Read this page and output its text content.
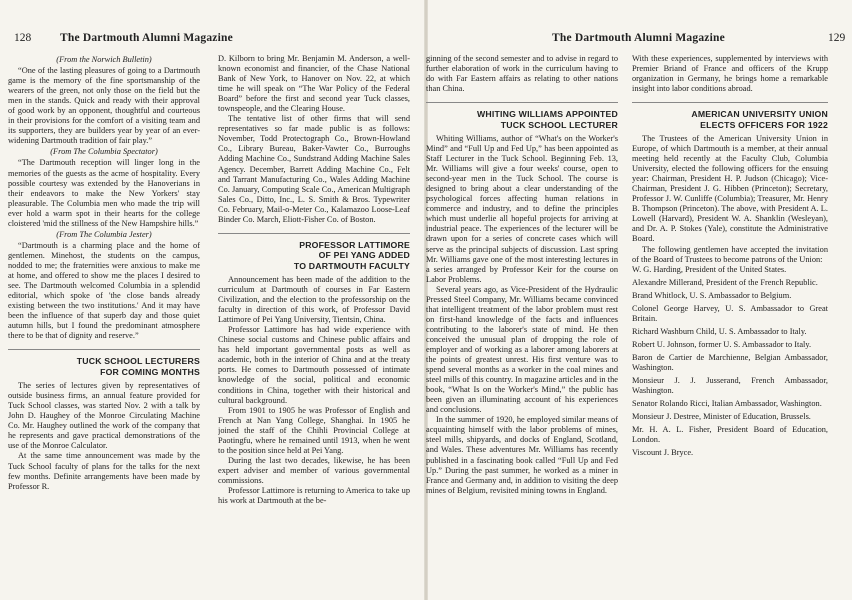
128	The Dartmouth Alumni Magazine

(From the Norwich Bulletin)

“One of the lasting pleasures of going to a Dartmouth game is the memory of the fine sportsmanship of the wearers of the green, not only those on the field but the men in the stands. Quick and ready with their approval of good work by an opponent, thoughtful and courteous in their provisions for the comfort of a visiting team and its supporters, they are builders year by year of an ever-widening Dartmouth tradition of fair play.”

(From The Columbia Spectator)

“The Dartmouth reception will linger long in the memories of the guests as the acme of hospitality. Every possible courtesy was extended by the Hanoverians in their endeavors to make the New Yorkers' stay pleasurable. The Columbia men who made the trip will ever hold a warm spot in their hearts for the college cloistered 'mid the stillness of the New Hampshire hills.”

(From The Columbia Jester)

“Dartmouth is a charming place and the home of gentlemen. Minehost, the students on the campus, nodded to me; the fraternities were anxious to make me at home, and offered to show me the places I desired to see. The Dartmouth welcomed Columbia in a splendid editorial, which spoke of 'the close bands already existing between the two institutions.' And it may have been the influence of that superb day and those quiet autumn hills, but I found the predominant atmosphere there to be that of dignity and reserve.”

TUCK SCHOOL LECTURERS
FOR COMING MONTHS

The series of lectures given by representatives of outside business firms, an annual feature provided for Tuck School classes, was started Nov. 2 with a talk by John D. Haughey of the Monroe Circulating Machine Co. Mr. Haughey outlined the work of the company that he represents and gave practical demonstrations of the use of the Monroe Calculator.

At the same time announcement was made by the Tuck School faculty of plans for the talks for the next few months. Definite arrangements have been made by Professor R.

D. Kilborn to bring Mr. Benjamin M. Anderson, a well-known economist and financier, of the Chase National Bank of New York, to Hanover on Nov. 22, at which time he will speak on “The War Policy of the Federal Board” before the first and second year Tuck classes, townspeople, and the Clearing House.

The tentative list of other firms that will send representatives so far made public is as follows: November, Todd Protectograph Co., Brown-Howland Co., Library Bureau, Baker-Vawter Co., Burroughs Adding Machine Co., Sundstrand Adding Machine Sales Agency. December, Barrett Adding Machine Co., Felt and Tarrant Manufacturing Co., Wales Adding Machine Co. January, Computing Scale Co., American Multigraph Sales Co., Ditto, Inc., L. S. Smith & Bros. Typewriter Co. February, Mail-o-Meter Co., Kalamazoo Loose-Leaf Binder Co. March, Eliott-Fisher Co. of Boston.

PROFESSOR LATTIMORE
OF PEI YANG ADDED
TO DARTMOUTH FACULTY

Announcement has been made of the addition to the curriculum at Dartmouth of courses in Far Eastern Civilization, and the election to the professorship on the faculty in direction of this work, of Professor David Lattimore of Pei Yang University, Tientsin, China.

Professor Lattimore has had wide experience with Chinese social customs and Chinese public affairs and has held important governmental posts as well as academic, both in the interior of China and at the treaty ports. He comes to Dartmouth possessed of intimate knowledge of the social, political and economic conditions in China, together with their historical and cultural background.

From 1901 to 1905 he was Professor of English and French at Nan Yang College, Shanghai. In 1905 he joined the staff of the Chihli Provincial College at Paotingfu, where he remained until 1913, when he went to the position since held at Pei Yang.

During the last two decades, likewise, he has been expert adviser and member of various governmental commissions.

Professor Lattimore is returning to America to take up his work at Dartmouth at the be-

The Dartmouth Alumni Magazine	129

ginning of the second semester and to advise in regard to further elaboration of work in the curriculum having to do with Far Eastern affairs as relating to other nations than China.

WHITING WILLIAMS APPOINTED
TUCK SCHOOL LECTURER

Whiting Williams, author of “What's on the Worker's Mind” and “Full Up and Fed Up,” has been appointed as Staff Lecturer in the Tuck School. Beginning Feb. 13, Mr. Williams will give a four weeks' course, open to second-year men in the Tuck School. The course is designed to bring about a clear understanding of the psychological forces affecting human relations in commerce and industry, and to define the principles which must underlie all hopeful projects for arriving at industrial peace. The experiences of the lecturer will be drawn upon for a series of concrete cases which will serve as the principal subjects of discussion. Last spring Mr. Williams gave one of the most interesting lectures in a series arranged by Professor Keir for the course on Labor Problems.

Several years ago, as Vice-President of the Hydraulic Pressed Steel Company, Mr. Williams became convinced that intelligent treatment of the labor problem must rest on first-hand knowledge of the facts and influences contributing to the laborer's state of mind. He then conceived the unusual plan of dropping the role of employer and of working as a laborer among laborers at the points of greatest unrest. His first venture was to spend several months as a worker in the coal mines and steel mills of this country. In magazine articles and in the book, “What Is on the Worker's Mind,” the public has been given an illuminating account of his experiences and conclusions.

In the summer of 1920, he employed similar means of acquainting himself with the labor problems of mines, steel mills, shipyards, and docks of England, Scotland, and Wales. These adventures Mr. Williams has recently published in a fascinating book called “Full Up and Fed Up.” During the past summer, he worked as a miner in France and Germany and, in addition to visiting the deep mines of Belgium, revisited mining towns in England.

With these experiences, supplemented by interviews with Premier Briand of France and officers of the Krupp organization in Germany, he brings home a remarkable insight into labor conditions abroad.

AMERICAN UNIVERSITY UNION
ELECTS OFFICERS FOR 1922

The Trustees of the American University Union in Europe, of which Dartmouth is a member, at their annual meeting held recently at the Faculty Club, Columbia University, elected the following officers for the ensuing year: Chairman, President H. P. Judson (Chicago); Vice-Chairman, President J. G. Hibben (Princeton); Secretary, Professor J. W. Cunliffe (Columbia); Treasurer, Mr. Henry B. Thompson (Princeton). The above, with President A. L. Lowell (Harvard), President W. A. Shanklin (Wesleyan), and Dr. A. P. Stokes (Yale), constitute the Administrative Board.

The following gentlemen have accepted the invitation of the Board of Trustees to become patrons of the Union:

W. G. Harding, President of the United States.

Alexandre Millerand, President of the French Republic.

Brand Whitlock, U. S. Ambassador to Belgium.

Colonel George Harvey, U. S. Ambassador to Great Britain.

Richard Washburn Child, U. S. Ambassador to Italy.

Robert U. Johnson, former U. S. Ambassador to Italy.

Baron de Cartier de Marchienne, Belgian Ambassador, Washington.

Monsieur J. J. Jusserand, French Ambassador, Washington.

Senator Rolando Ricci, Italian Ambassador, Washington.

Monsieur J. Destree, Minister of Education, Brussels.

Mr. H. A. L. Fisher, President Board of Education, London.

Viscount J. Bryce.
